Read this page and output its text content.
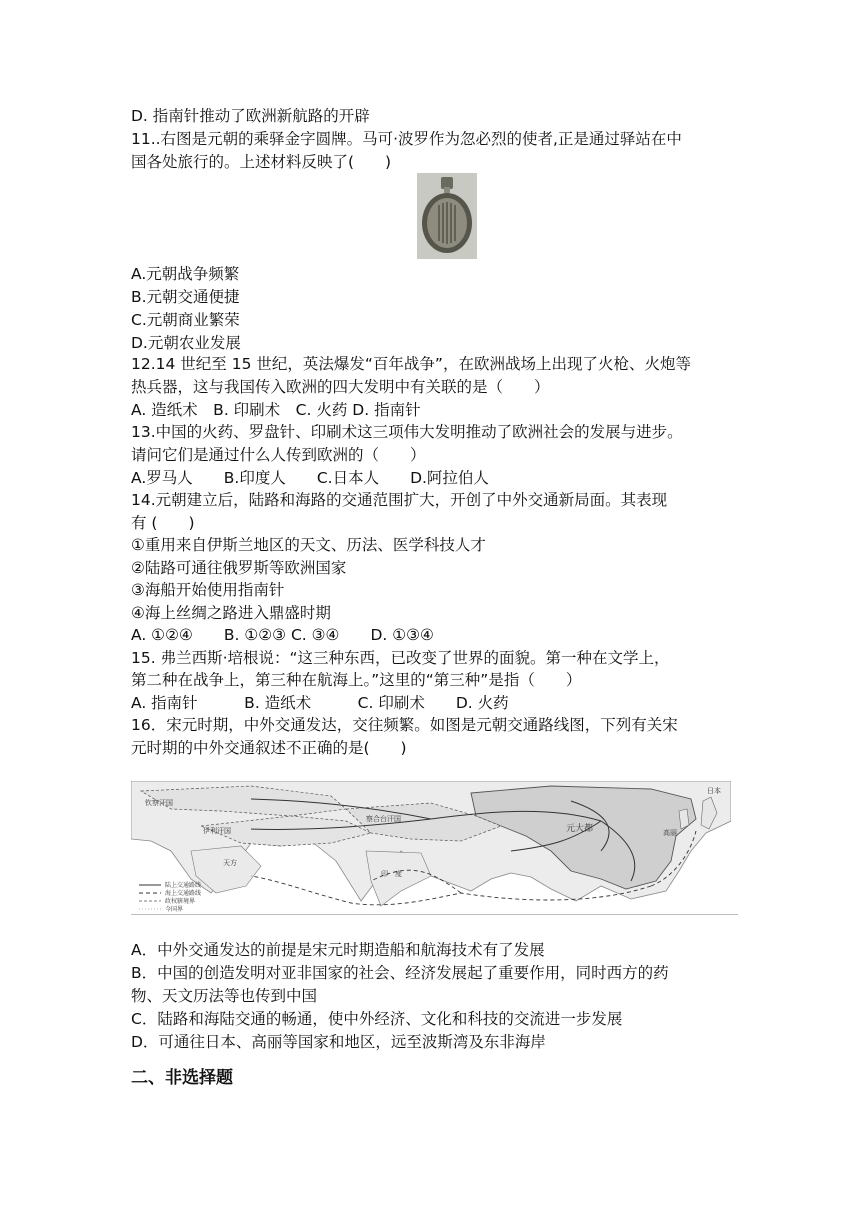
D. 指南针推动了欧洲新航路的开辟
11..右图是元朝的乘驿金字圆牌。马可·波罗作为忽必烈的使者,正是通过驿站在中
国各处旅行的。上述材料反映了(　　)
A.元朝战争频繁
B.元朝交通便捷
C.元朝商业繁荣
D.元朝农业发展
12.14 世纪至 15 世纪，英法爆发“百年战争”，在欧洲战场上出现了火枪、火炮等
热兵器，这与我国传入欧洲的四大发明中有关联的是（　　）
A. 造纸术　B. 印刷术　C. 火药 D. 指南针
13.中国的火药、罗盘针、印刷术这三项伟大发明推动了欧洲社会的发展与进步。
请问它们是通过什么人传到欧洲的（　　）
A.罗马人　　B.印度人　　C.日本人　　D.阿拉伯人
14.元朝建立后，陆路和海路的交通范围扩大，开创了中外交通新局面。其表现
有 (　　)
①重用来自伊斯兰地区的天文、历法、医学科技人才
②陆路可通往俄罗斯等欧洲国家
③海船开始使用指南针
④海上丝绸之路进入鼎盛时期
A. ①②④　　B. ①②③ C. ③④　　D. ①③④
15. 弗兰西斯·培根说：“这三种东西，已改变了世界的面貌。第一种在文学上，
第二种在战争上，第三种在航海上。”这里的“第三种”是指（　　）
A. 指南针　　　B. 造纸术　　　C. 印刷术　　D. 火药
16．宋元时期，中外交通发达，交往频繁。如图是元朝交通路线图，下列有关宋
元时期的中外交通叙述不正确的是(　　)
钦察汗国
伊利汗国
察合台汗国
元大都
印　度
天方
日本
高丽
陆上交通路线
海上交通路线
政权辖境界
今国界
A．中外交通发达的前提是宋元时期造船和航海技术有了发展
B．中国的创造发明对亚非国家的社会、经济发展起了重要作用，同时西方的药
物、天文历法等也传到中国
C．陆路和海陆交通的畅通，使中外经济、文化和科技的交流进一步发展
D．可通往日本、高丽等国家和地区，远至波斯湾及东非海岸
二、非选择题
